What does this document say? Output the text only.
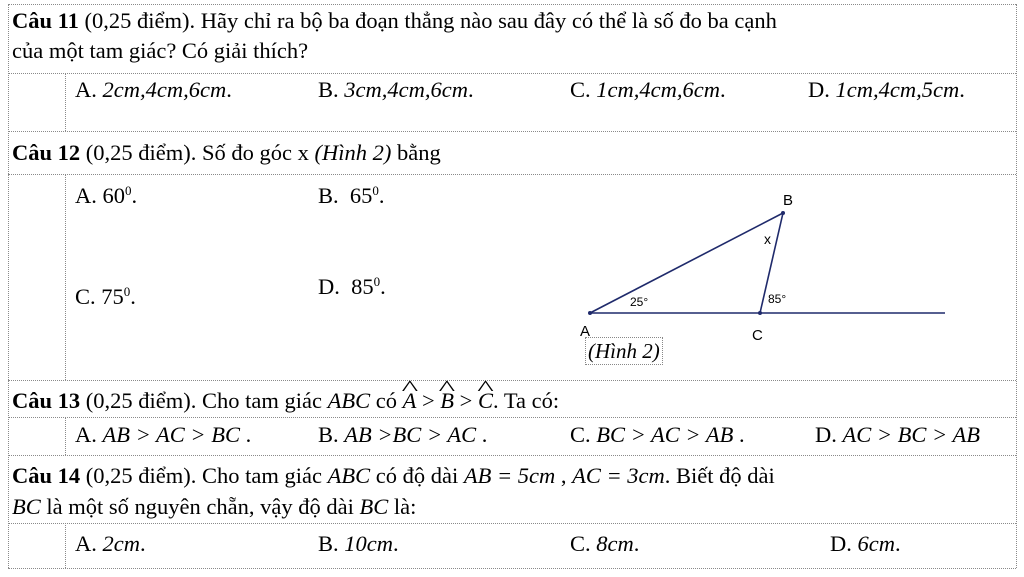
Câu 11 (0,25 điểm). Hãy chỉ ra bộ ba đoạn thẳng nào sau đây có thể là số đo ba cạnh
của một tam giác? Có giải thích?
A. 2cm,4cm,6cm.	B. 3cm,4cm,6cm.	C. 1cm,4cm,6cm.	D. 1cm,4cm,5cm.
Câu 12 (0,25 điểm). Số đo góc x (Hình 2) bằng
A. $60^0$.	B.  $65^0$.
C. $75^0$.	D.  $85^0$.
B
A	C
25°	85°
x
(Hình 2)
Câu 13 (0,25 điểm). Cho tam giác ABC có ^ A > ^ B > ^ C. Ta có:
A. AB > AC > BC .	B. AB >BC > AC .	C. BC > AC > AB .	D. AC > BC > AB
Câu 14 (0,25 điểm). Cho tam giác ABC có độ dài AB = 5cm , AC = 3cm. Biết độ dài
BC là một số nguyên chẵn, vậy độ dài BC là:
A. 2cm.	B. 10cm.	C. 8cm.	D. 6cm.
